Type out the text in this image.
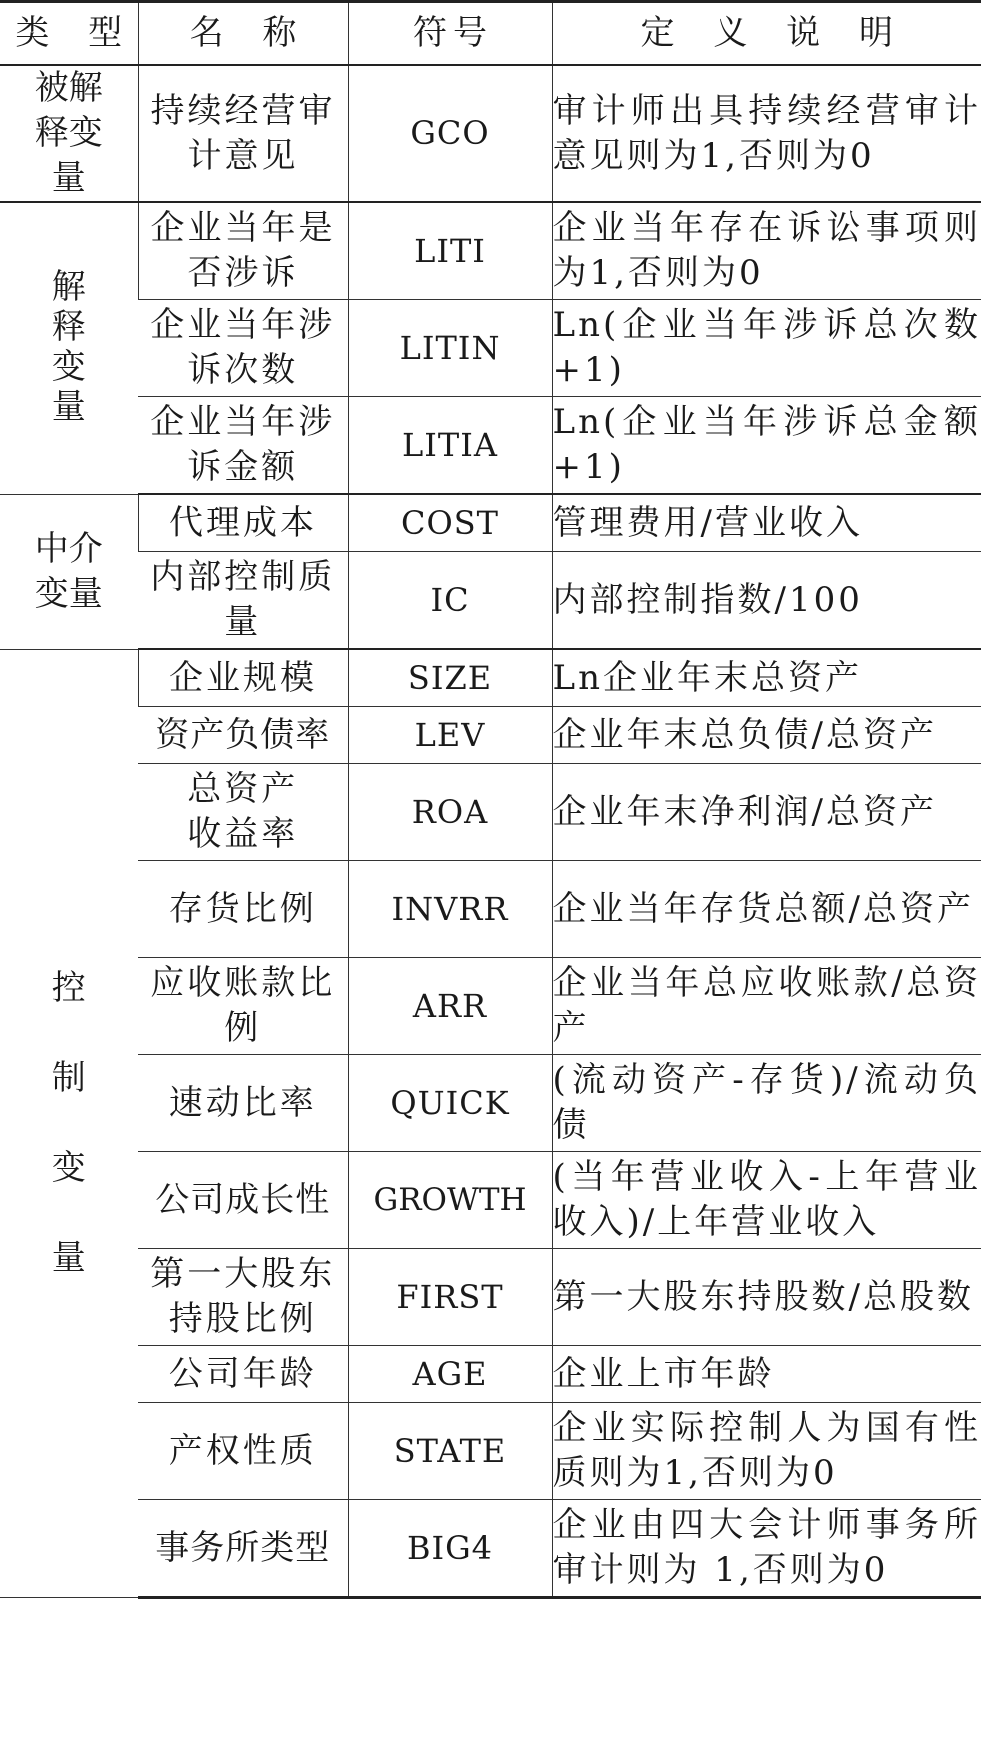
类 型	名 称	符号	定 义 说 明

被解释变量	持续经营审计意见	GCO	审计师出具持续经营审计意见则为1,否则为0
解释变量	企业当年是否涉诉	LITI	企业当年存在诉讼事项则为1,否则为0
	企业当年涉诉次数	LITIN	Ln(企业当年涉诉总次数+1)
	企业当年涉诉金额	LITIA	Ln(企业当年涉诉总金额+1)

中介变量	代理成本	COST	管理费用/营业收入
	内部控制质量	IC	内部控制指数/100
控制变量	企业规模	SIZE	Ln企业年末总资产
	资产负债率	LEV	企业年末总负债/总资产

	总资产收益率	ROA	企业年末净利润/总资产
	存货比例	INVRR	企业当年存货总额/总资产
	应收账款比例	ARR	企业当年总应收账款/总资产
	速动比率	QUICK	(流动资产-存货)/流动负债
	公司成长性	GROWTH	(当年营业收入-上年营业收入)/上年营业收入
	第一大股东持股比例	FIRST	第一大股东持股数/总股数
	公司年龄	AGE	企业上市年龄
	产权性质	STATE	企业实际控制人为国有性质则为1,否则为0
	事务所类型	BIG4	企业由四大会计师事务所审计则为 1,否则为0
